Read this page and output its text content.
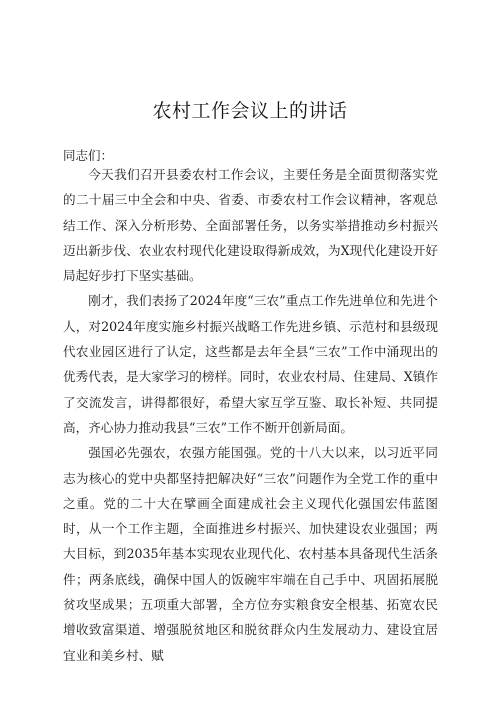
农村工作会议上的讲话
同志们：

今天我们召开县委农村工作会议，主要任务是全面贯彻落实党的二十届三中全会和中央、省委、市委农村工作会议精神，客观总结工作、深入分析形势、全面部署任务，以务实举措推动乡村振兴迈出新步伐、农业农村现代化建设取得新成效，为X现代化建设开好局起好步打下坚实基础。

刚才，我们表扬了2024年度“三农”重点工作先进单位和先进个人，对2024年度实施乡村振兴战略工作先进乡镇、示范村和县级现代农业园区进行了认定，这些都是去年全县“三农”工作中涌现出的优秀代表，是大家学习的榜样。同时，农业农村局、住建局、X镇作了交流发言，讲得都很好，希望大家互学互鉴、取长补短、共同提高，齐心协力推动我县“三农”工作不断开创新局面。

强国必先强农，农强方能国强。党的十八大以来，以习近平同志为核心的党中央都坚持把解决好“三农”问题作为全党工作的重中之重。党的二十大在擘画全面建成社会主义现代化强国宏伟蓝图时，从一个工作主题，全面推进乡村振兴、加快建设农业强国；两大目标，到2035年基本实现农业现代化、农村基本具备现代生活条件；两条底线，确保中国人的饭碗牢牢端在自己手中、巩固拓展脱贫攻坚成果；五项重大部署，全方位夯实粮食安全根基、拓宽农民增收致富渠道、增强脱贫地区和脱贫群众内生发展动力、建设宜居宜业和美乡村、赋
